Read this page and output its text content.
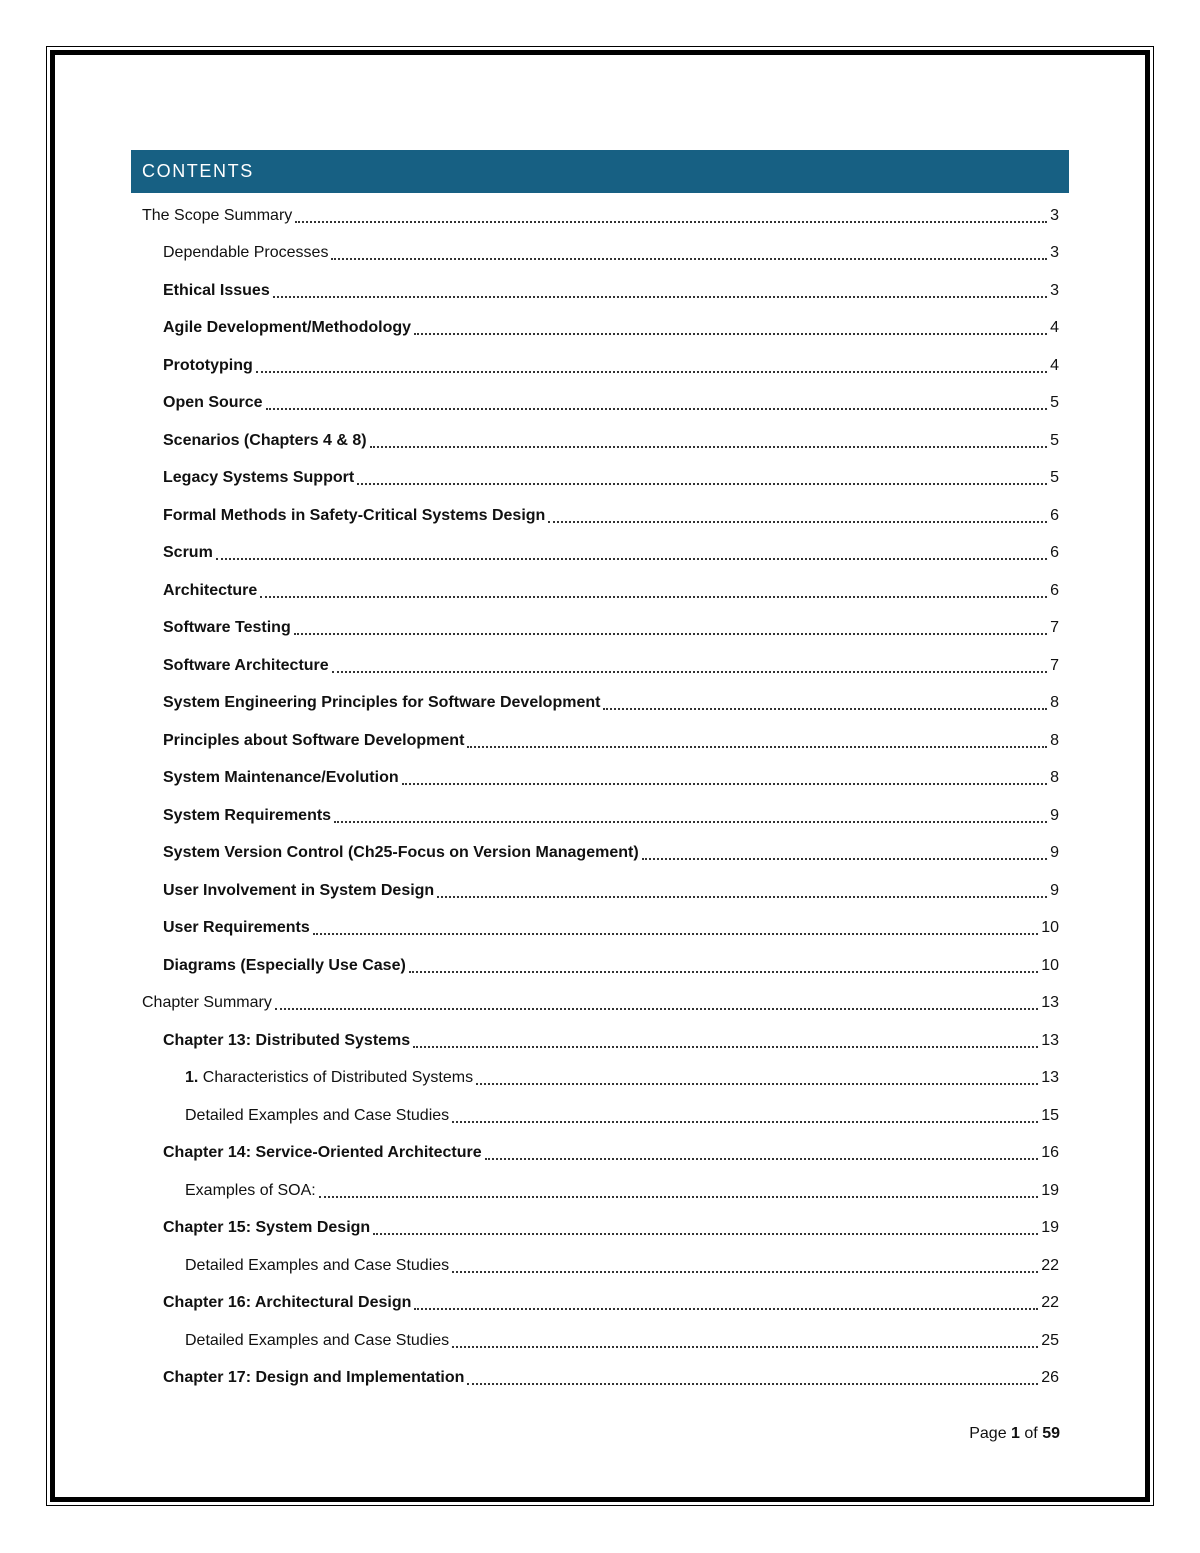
CONTENTS
The Scope Summary	3
Dependable Processes	3
Ethical Issues	3
Agile Development/Methodology	4
Prototyping	4
Open Source	5
Scenarios (Chapters 4 & 8)	5
Legacy Systems Support	5
Formal Methods in Safety-Critical Systems Design	6
Scrum	6
Architecture	6
Software Testing	7
Software Architecture	7
System Engineering Principles for Software Development	8
Principles about Software Development	8
System Maintenance/Evolution	8
System Requirements	9
System Version Control (Ch25-Focus on Version Management)	9
User Involvement in System Design	9
User Requirements	10
Diagrams (Especially Use Case)	10
Chapter Summary	13
Chapter 13: Distributed Systems	13
1. Characteristics of Distributed Systems	13
Detailed Examples and Case Studies	15
Chapter 14: Service-Oriented Architecture	16
Examples of SOA:	19
Chapter 15: System Design	19
Detailed Examples and Case Studies	22
Chapter 16: Architectural Design	22
Detailed Examples and Case Studies	25
Chapter 17: Design and Implementation	26
Page 1 of 59
